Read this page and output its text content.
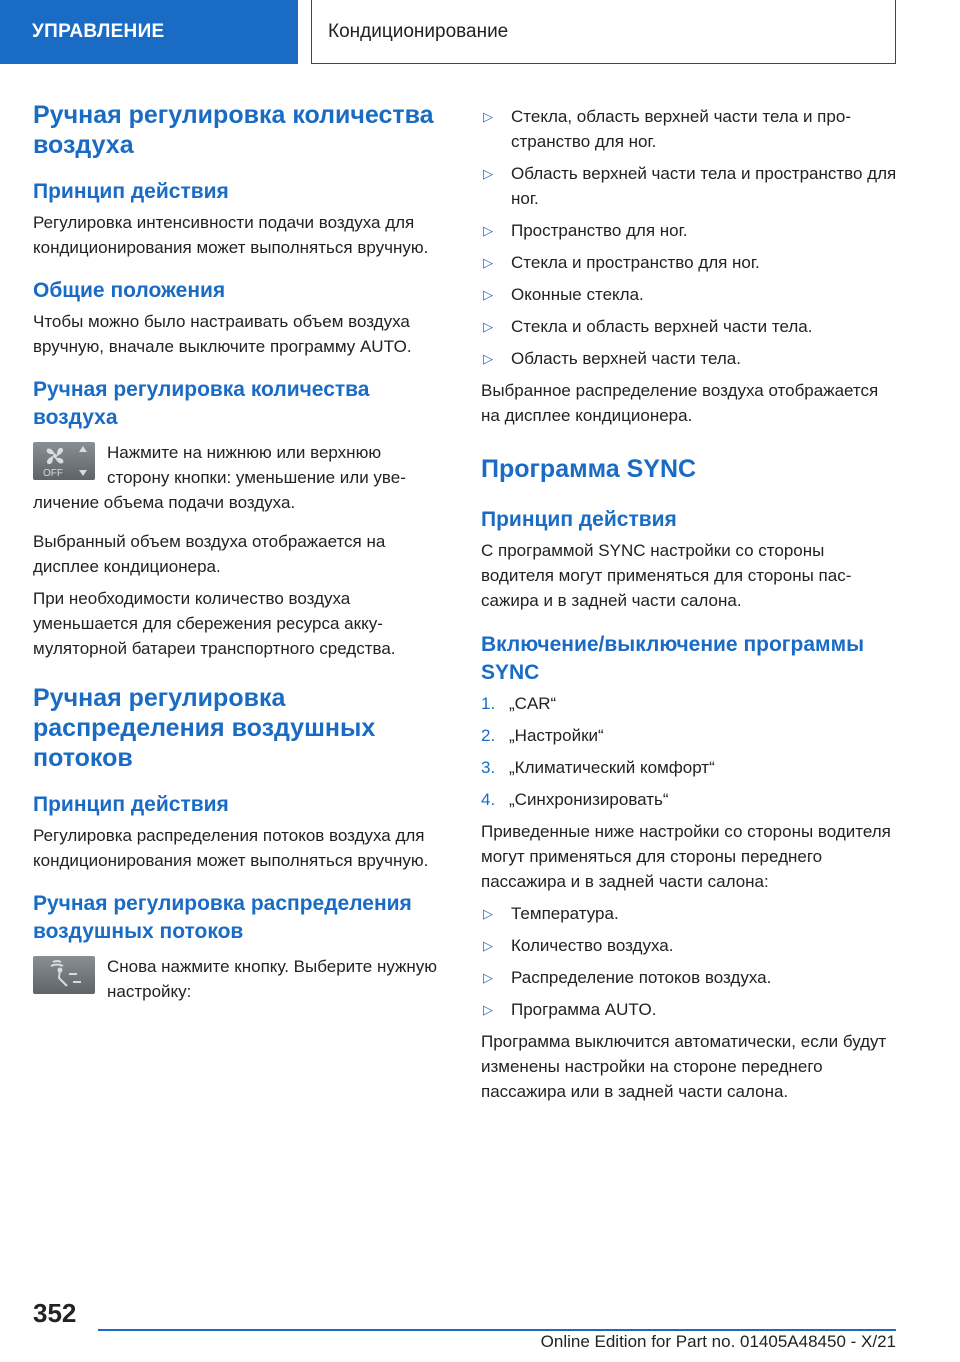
УПРАВЛЕНИЕ	Кондиционирование
Ручная регулировка количества воздуха
Принцип действия

Регулировка интенсивности подачи воздуха для кондиционирования может выполняться вручную.

Общие положения

Чтобы можно было настраивать объем воздуха вручную, вначале выключите программу AUTO.

Ручная регулировка количества воздуха
OFF

Нажмите на нижнюю или верхнюю сторону кнопки: уменьшение или увеличение объема подачи воздуха.

Выбранный объем воздуха отображается на дисплее кондиционера.

При необходимости количество воздуха уменьшается для сбережения ресурса аккумуляторной батареи транспортного средства.

Ручная регулировка распределения воздушных потоков
Принцип действия

Регулировка распределения потоков воздуха для кондиционирования может выполняться вручную.

Ручная регулировка распределения воздушных потоков

Снова нажмите кнопку. Выберите нужную настройку:

▷	Стекла, область верхней части тела и пространство для ног.
▷	Область верхней части тела и пространство для ног.
▷	Пространство для ног.
▷	Стекла и пространство для ног.
▷	Оконные стекла.
▷	Стекла и область верхней части тела.
▷	Область верхней части тела.

Выбранное распределение воздуха отображается на дисплее кондиционера.

Программа SYNC
Принцип действия

С программой SYNC настройки со стороны водителя могут применяться для стороны пассажира и в задней части салона.

Включение/выключение программы SYNC
1. „CAR“
2. „Настройки“
3. „Климатический комфорт“
4. „Синхронизировать“

Приведенные ниже настройки со стороны водителя могут применяться для стороны переднего пассажира и в задней части салона:

▷	Температура.
▷	Количество воздуха.
▷	Распределение потоков воздуха.
▷	Программа AUTO.

Программа выключится автоматически, если будут изменены настройки на стороне переднего пассажира или в задней части салона.

352
Online Edition for Part no. 01405A48450 - X/21
